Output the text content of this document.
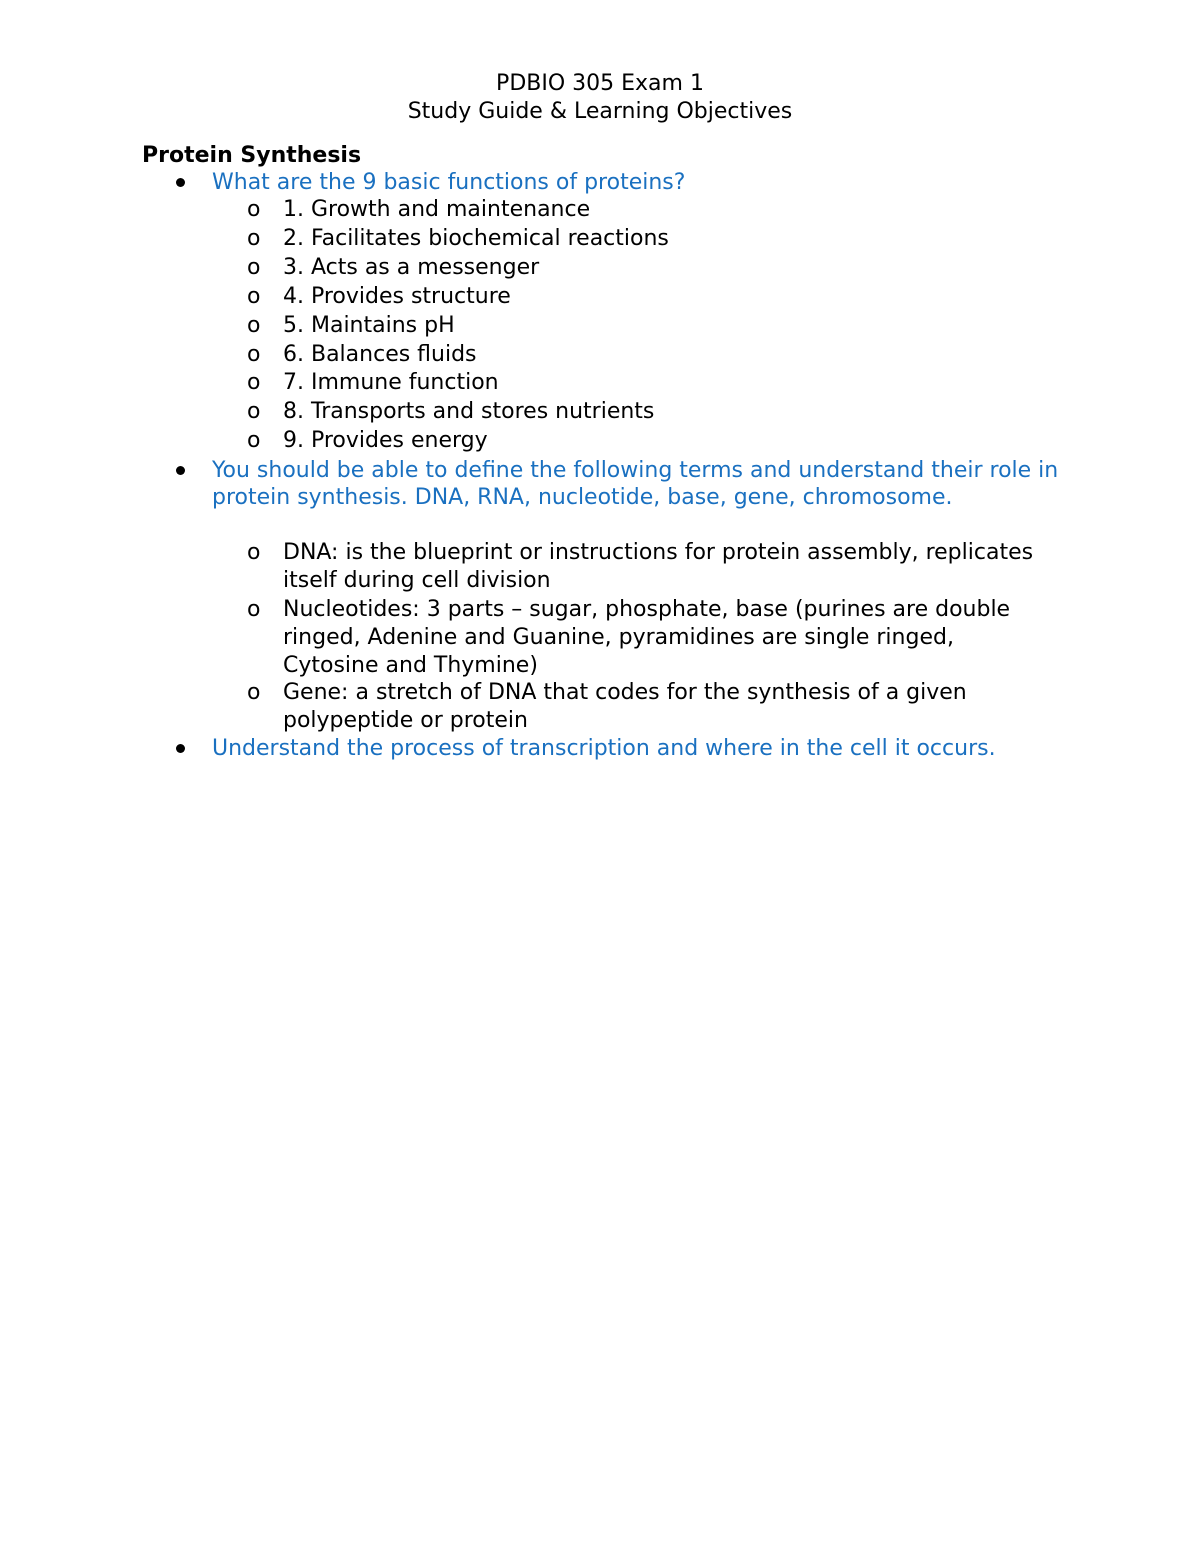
PDBIO 305 Exam 1
Study Guide & Learning Objectives
Protein Synthesis
What are the 9 basic functions of proteins?
o 1. Growth and maintenance
o 2. Facilitates biochemical reactions
o 3. Acts as a messenger
o 4. Provides structure
o 5. Maintains pH
o 6. Balances fluids
o 7. Immune function
o 8. Transports and stores nutrients
o 9. Provides energy
You should be able to define the following terms and understand their role in protein synthesis. DNA, RNA, nucleotide, base, gene, chromosome.
o DNA: is the blueprint or instructions for protein assembly, replicates itself during cell division
o Nucleotides: 3 parts – sugar, phosphate, base (purines are double ringed, Adenine and Guanine, pyramidines are single ringed, Cytosine and Thymine)
o Gene: a stretch of DNA that codes for the synthesis of a given polypeptide or protein
Understand the process of transcription and where in the cell it occurs.
